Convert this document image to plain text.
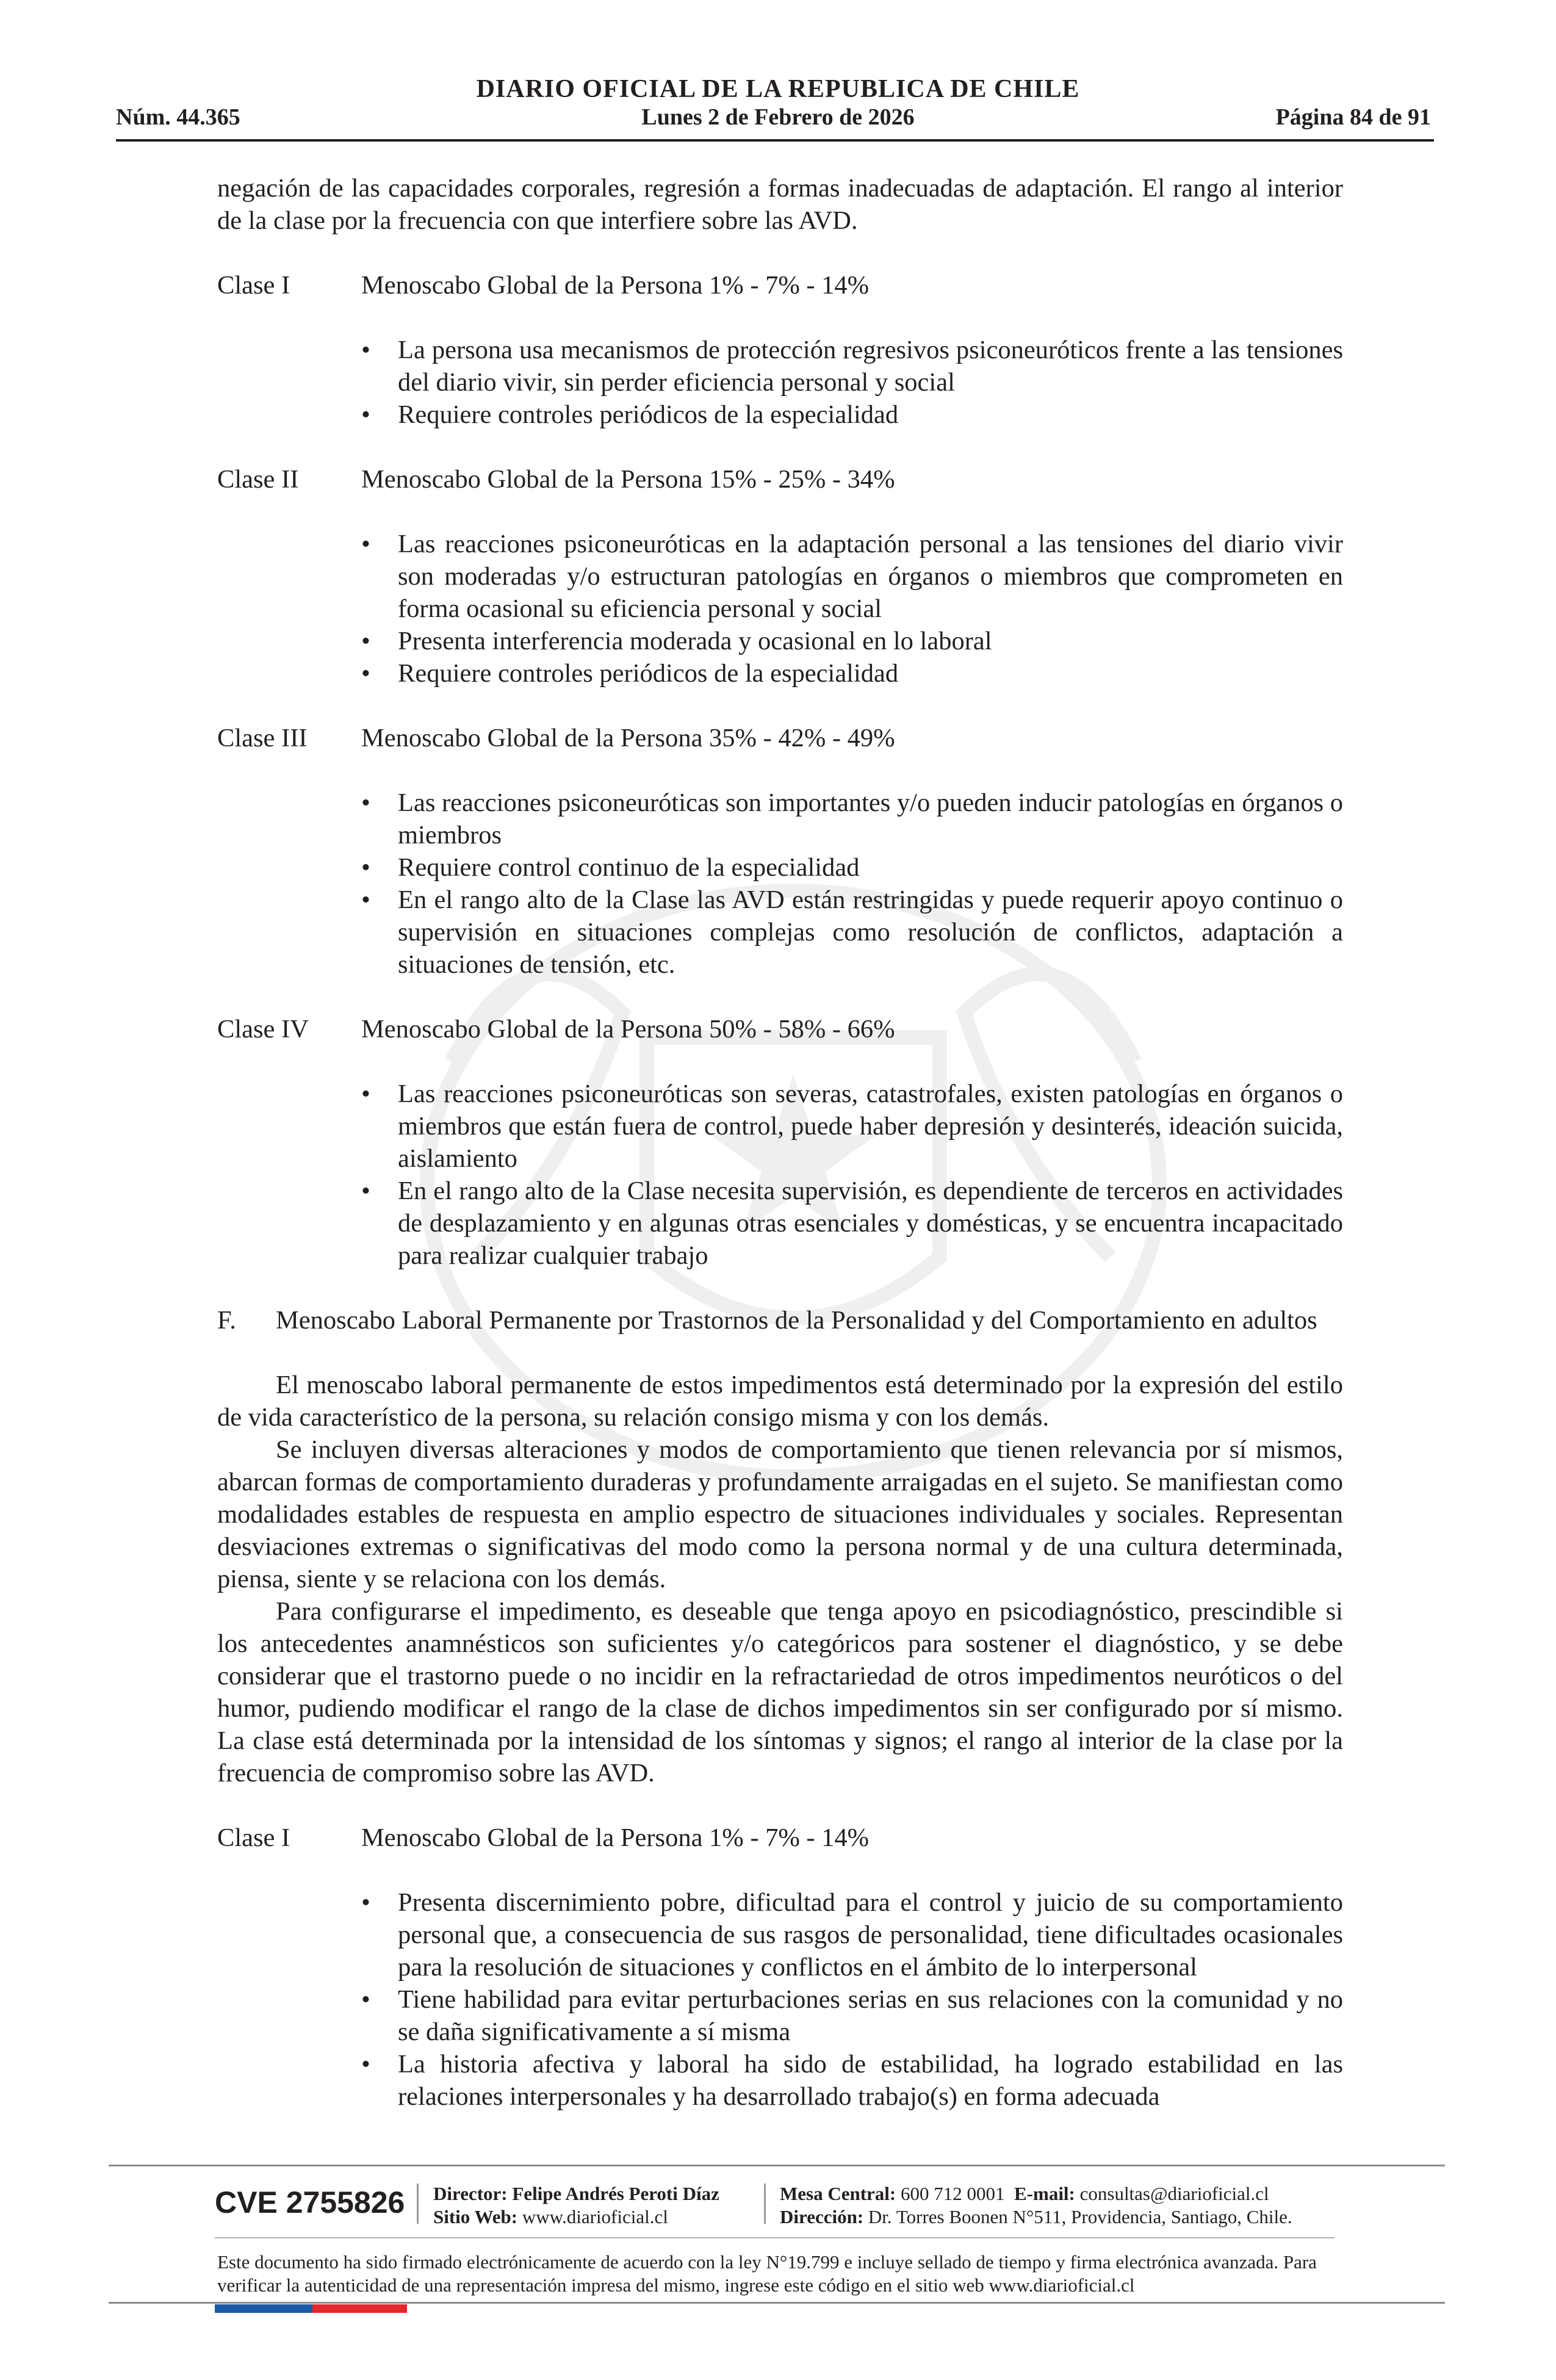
DIARIO OFICIAL DE LA REPUBLICA DE CHILE
Núm. 44.365	Lunes 2 de Febrero de 2026	Página 84 de 91

negación de las capacidades corporales, regresión a formas inadecuadas de adaptación. El rango al interior de la clase por la frecuencia con que interfiere sobre las AVD.

Clase I	Menoscabo Global de la Persona 1% - 7% - 14%
• La persona usa mecanismos de protección regresivos psiconeuróticos frente a las tensiones del diario vivir, sin perder eficiencia personal y social
• Requiere controles periódicos de la especialidad
Clase II	Menoscabo Global de la Persona 15% - 25% - 34%
• Las reacciones psiconeuróticas en la adaptación personal a las tensiones del diario vivir son moderadas y/o estructuran patologías en órganos o miembros que comprometen en forma ocasional su eficiencia personal y social
• Presenta interferencia moderada y ocasional en lo laboral
• Requiere controles periódicos de la especialidad
Clase III	Menoscabo Global de la Persona 35% - 42% - 49%
• Las reacciones psiconeuróticas son importantes y/o pueden inducir patologías en órganos o miembros
• Requiere control continuo de la especialidad
• En el rango alto de la Clase las AVD están restringidas y puede requerir apoyo continuo o supervisión en situaciones complejas como resolución de conflictos, adaptación a situaciones de tensión, etc.
Clase IV	Menoscabo Global de la Persona 50% - 58% - 66%
• Las reacciones psiconeuróticas son severas, catastrofales, existen patologías en órganos o miembros que están fuera de control, puede haber depresión y desinterés, ideación suicida, aislamiento
• En el rango alto de la Clase necesita supervisión, es dependiente de terceros en actividades de desplazamiento y en algunas otras esenciales y domésticas, y se encuentra incapacitado para realizar cualquier trabajo
F.	Menoscabo Laboral Permanente por Trastornos de la Personalidad y del Comportamiento en adultos

El menoscabo laboral permanente de estos impedimentos está determinado por la expresión del estilo de vida característico de la persona, su relación consigo misma y con los demás.

Se incluyen diversas alteraciones y modos de comportamiento que tienen relevancia por sí mismos, abarcan formas de comportamiento duraderas y profundamente arraigadas en el sujeto. Se manifiestan como modalidades estables de respuesta en amplio espectro de situaciones individuales y sociales. Representan desviaciones extremas o significativas del modo como la persona normal y de una cultura determinada, piensa, siente y se relaciona con los demás.

Para configurarse el impedimento, es deseable que tenga apoyo en psicodiagnóstico, prescindible si los antecedentes anamnésticos son suficientes y/o categóricos para sostener el diagnóstico, y se debe considerar que el trastorno puede o no incidir en la refractariedad de otros impedimentos neuróticos o del humor, pudiendo modificar el rango de la clase de dichos impedimentos sin ser configurado por sí mismo. La clase está determinada por la intensidad de los síntomas y signos; el rango al interior de la clase por la frecuencia de compromiso sobre las AVD.

Clase I	Menoscabo Global de la Persona 1% - 7% - 14%
• Presenta discernimiento pobre, dificultad para el control y juicio de su comportamiento personal que, a consecuencia de sus rasgos de personalidad, tiene dificultades ocasionales para la resolución de situaciones y conflictos en el ámbito de lo interpersonal
• Tiene habilidad para evitar perturbaciones serias en sus relaciones con la comunidad y no se daña significativamente a sí misma
• La historia afectiva y laboral ha sido de estabilidad, ha logrado estabilidad en las relaciones interpersonales y ha desarrollado trabajo(s) en forma adecuada
CVE 2755826 Director: Felipe Andrés Peroti Díaz
Sitio Web: www.diarioficial.cl
Mesa Central: 600 712 0001 E-mail: consultas@diarioficial.cl
Dirección: Dr. Torres Boonen N°511, Providencia, Santiago, Chile.
Este documento ha sido firmado electrónicamente de acuerdo con la ley N°19.799 e incluye sellado de tiempo y firma electrónica avanzada. Para verificar la autenticidad de una representación impresa del mismo, ingrese este código en el sitio web www.diarioficial.cl
